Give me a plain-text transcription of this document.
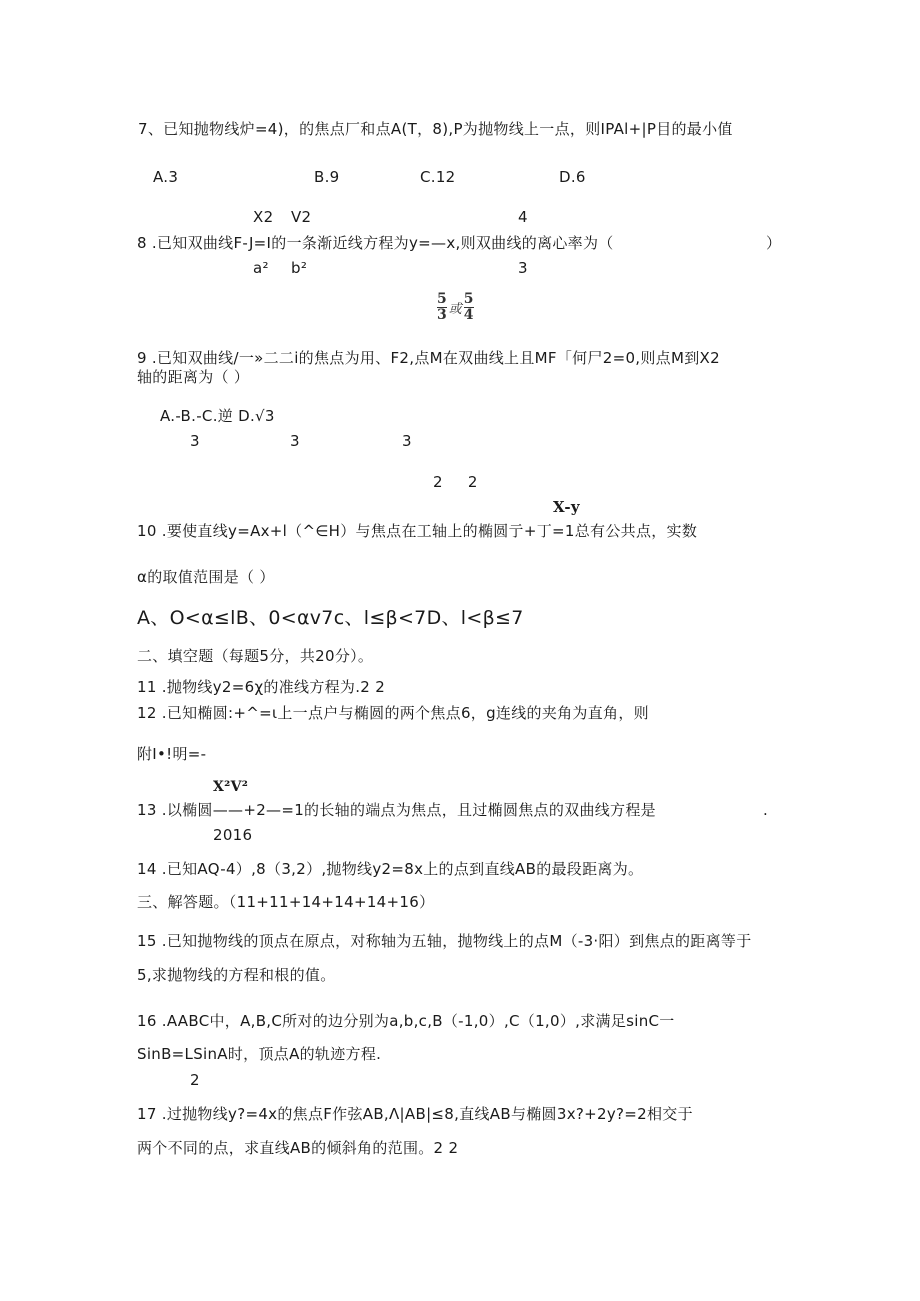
7、已知抛物线炉=4)，的焦点厂和点A(T，8),P为抛物线上一点，则IPAl+|P目的最小值
A.3	B.9	C.12	D.6
X2 V2	4
8 .已知双曲线F-J=I的一条渐近线方程为y=—x,则双曲线的离心率为（	）
a² b²	3
$\frac{5}{3}$ 或 $\frac{5}{4}$
9 .已知双曲线/一»二二i的焦点为用、F2,点M在双曲线上且MF「何尸2=0,则点M到X2
轴的距离为（ ）
A.-B.-C.逆 D.√3
3	3	3
2 2
X-y
10 .要使直线y=Ax+l（^∈H）与焦点在工轴上的椭圆亍+丁=1总有公共点，实数
α的取值范围是（ ）
A、O<α≤lB、0<αv7c、l≤β<7D、l<β≤7
二、填空题（每题5分，共20分）。
11 .抛物线y2=6χ的准线方程为.2 2
12 .已知椭圆:+^=ι上一点户与椭圆的两个焦点6，g连线的夹角为直角，则
附I•!明=-
X²V²
13 .以椭圆——+2—=1的长轴的端点为焦点，且过椭圆焦点的双曲线方程是	.
2016
14 .已知AQ-4）,8（3,2）,抛物线y2=8x上的点到直线AB的最段距离为。
三、解答题。（11+11+14+14+14+16）
15 .已知抛物线的顶点在原点，对称轴为五轴，抛物线上的点M（-3·阳）到焦点的距离等于
5,求抛物线的方程和根的值。
16 .AABC中，A,B,C所对的边分别为a,b,c,B（-1,0）,C（1,0）,求满足sinC一
SinB=LSinA时，顶点A的轨迹方程.
2
17 .过抛物线y?=4x的焦点F作弦AB,Λ|AB|≤8,直线AB与椭圆3x?+2y?=2相交于
两个不同的点，求直线AB的倾斜角的范围。2 2
